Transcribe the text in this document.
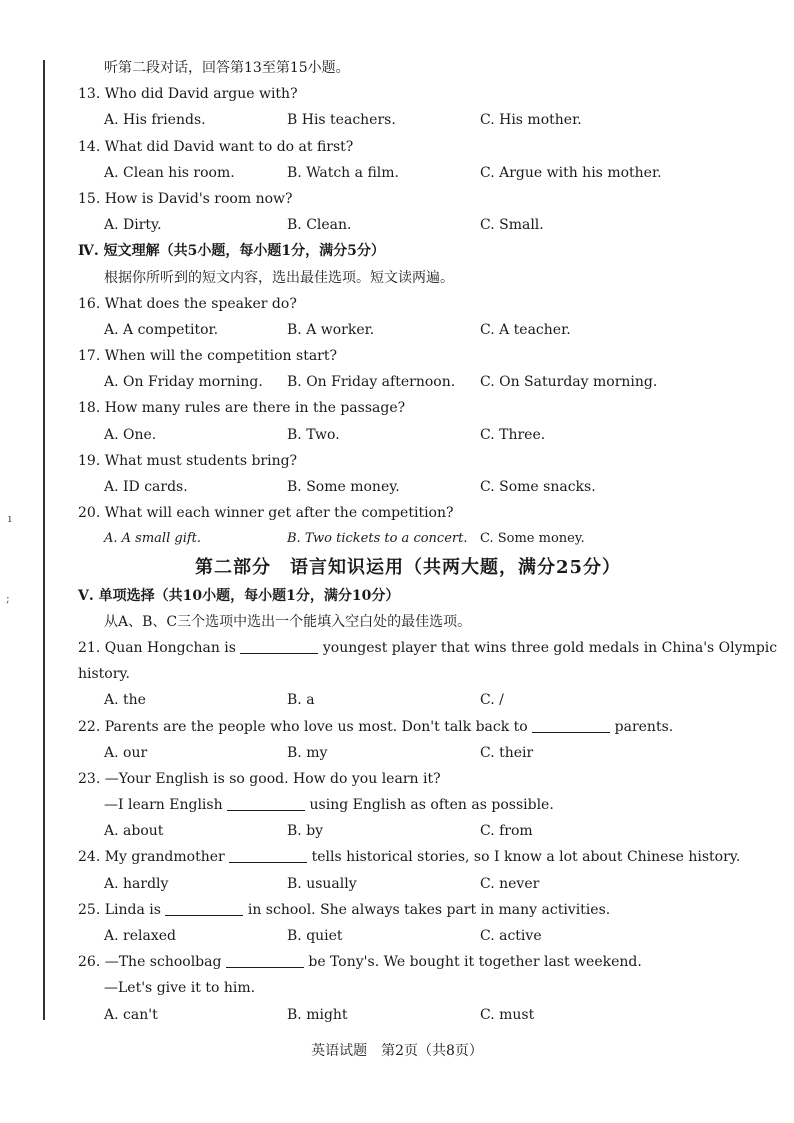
ı
;
听第二段对话，回答第13至第15小题。
13. Who did David argue with?
A. His friends.	B His teachers.	C. His mother.
14. What did David want to do at first?
A. Clean his room.	B. Watch a film.	C. Argue with his mother.
15. How is David's room now?
A. Dirty.	B. Clean.	C. Small.
Ⅳ. 短文理解（共5小题，每小题1分，满分5分）
根据你所听到的短文内容，选出最佳选项。短文读两遍。
16. What does the speaker do?
A. A competitor.	B. A worker.	C. A teacher.
17. When will the competition start?
A. On Friday morning. B. On Friday afternoon. C. On Saturday morning.
18. How many rules are there in the passage?
A. One.	B. Two.	C. Three.
19. What must students bring?
A. ID cards.	B. Some money.	C. Some snacks.
20. What will each winner get after the competition?
A. A small gift.	B. Two tickets to a concert. C. Some money.
第二部分　语言知识运用（共两大题，满分25分）
Ⅴ. 单项选择（共10小题，每小题1分，满分10分）
从A、B、C三个选项中选出一个能填入空白处的最佳选项。
21. Quan Hongchan is	youngest player that wins three gold medals in China's Olympic
history.
A. the	B. a	C. /
22. Parents are the people who love us most. Don't talk back to	parents.
A. our	B. my	C. their
23. —Your English is so good. How do you learn it?
—I learn English	using English as often as possible.
A. about	B. by	C. from
24. My grandmother	tells historical stories, so I know a lot about Chinese history.
A. hardly	B. usually	C. never
25. Linda is	in school. She always takes part in many activities.
A. relaxed	B. quiet	C. active
26. —The schoolbag	be Tony's. We bought it together last weekend.
—Let's give it to him.
A. can't	B. might	C. must
英语试题　第2页（共8页）
